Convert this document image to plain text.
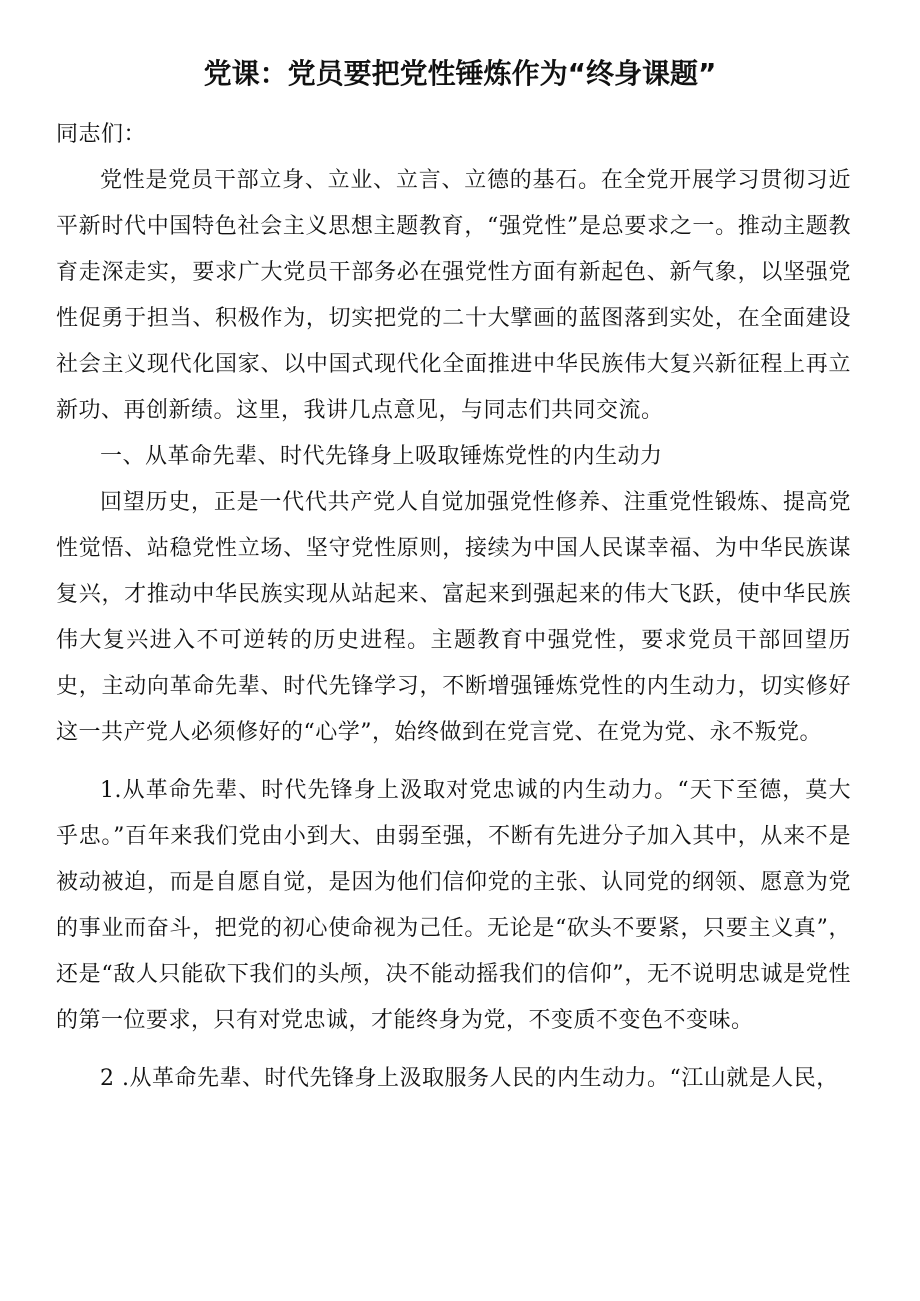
党课：党员要把党性锤炼作为“终身课题”

同志们：

党性是党员干部立身、立业、立言、立德的基石。在全党开展学习贯彻习近平新时代中国特色社会主义思想主题教育，“强党性”是总要求之一。推动主题教育走深走实，要求广大党员干部务必在强党性方面有新起色、新气象，以坚强党性促勇于担当、积极作为，切实把党的二十大擘画的蓝图落到实处，在全面建设社会主义现代化国家、以中国式现代化全面推进中华民族伟大复兴新征程上再立新功、再创新绩。这里，我讲几点意见，与同志们共同交流。

一、从革命先辈、时代先锋身上吸取锤炼党性的内生动力

回望历史，正是一代代共产党人自觉加强党性修养、注重党性锻炼、提高党性觉悟、站稳党性立场、坚守党性原则，接续为中国人民谋幸福、为中华民族谋复兴，才推动中华民族实现从站起来、富起来到强起来的伟大飞跃，使中华民族伟大复兴进入不可逆转的历史进程。主题教育中强党性，要求党员干部回望历史，主动向革命先辈、时代先锋学习，不断增强锤炼党性的内生动力，切实修好这一共产党人必须修好的“心学”，始终做到在党言党、在党为党、永不叛党。

1.从革命先辈、时代先锋身上汲取对党忠诚的内生动力。“天下至德，莫大乎忠。”百年来我们党由小到大、由弱至强，不断有先进分子加入其中，从来不是被动被迫，而是自愿自觉，是因为他们信仰党的主张、认同党的纲领、愿意为党的事业而奋斗，把党的初心使命视为己任。无论是“砍头不要紧，只要主义真”，还是“敌人只能砍下我们的头颅，决不能动摇我们的信仰”，无不说明忠诚是党性的第一位要求，只有对党忠诚，才能终身为党，不变质不变色不变味。

2 .从革命先辈、时代先锋身上汲取服务人民的内生动力。“江山就是人民，
